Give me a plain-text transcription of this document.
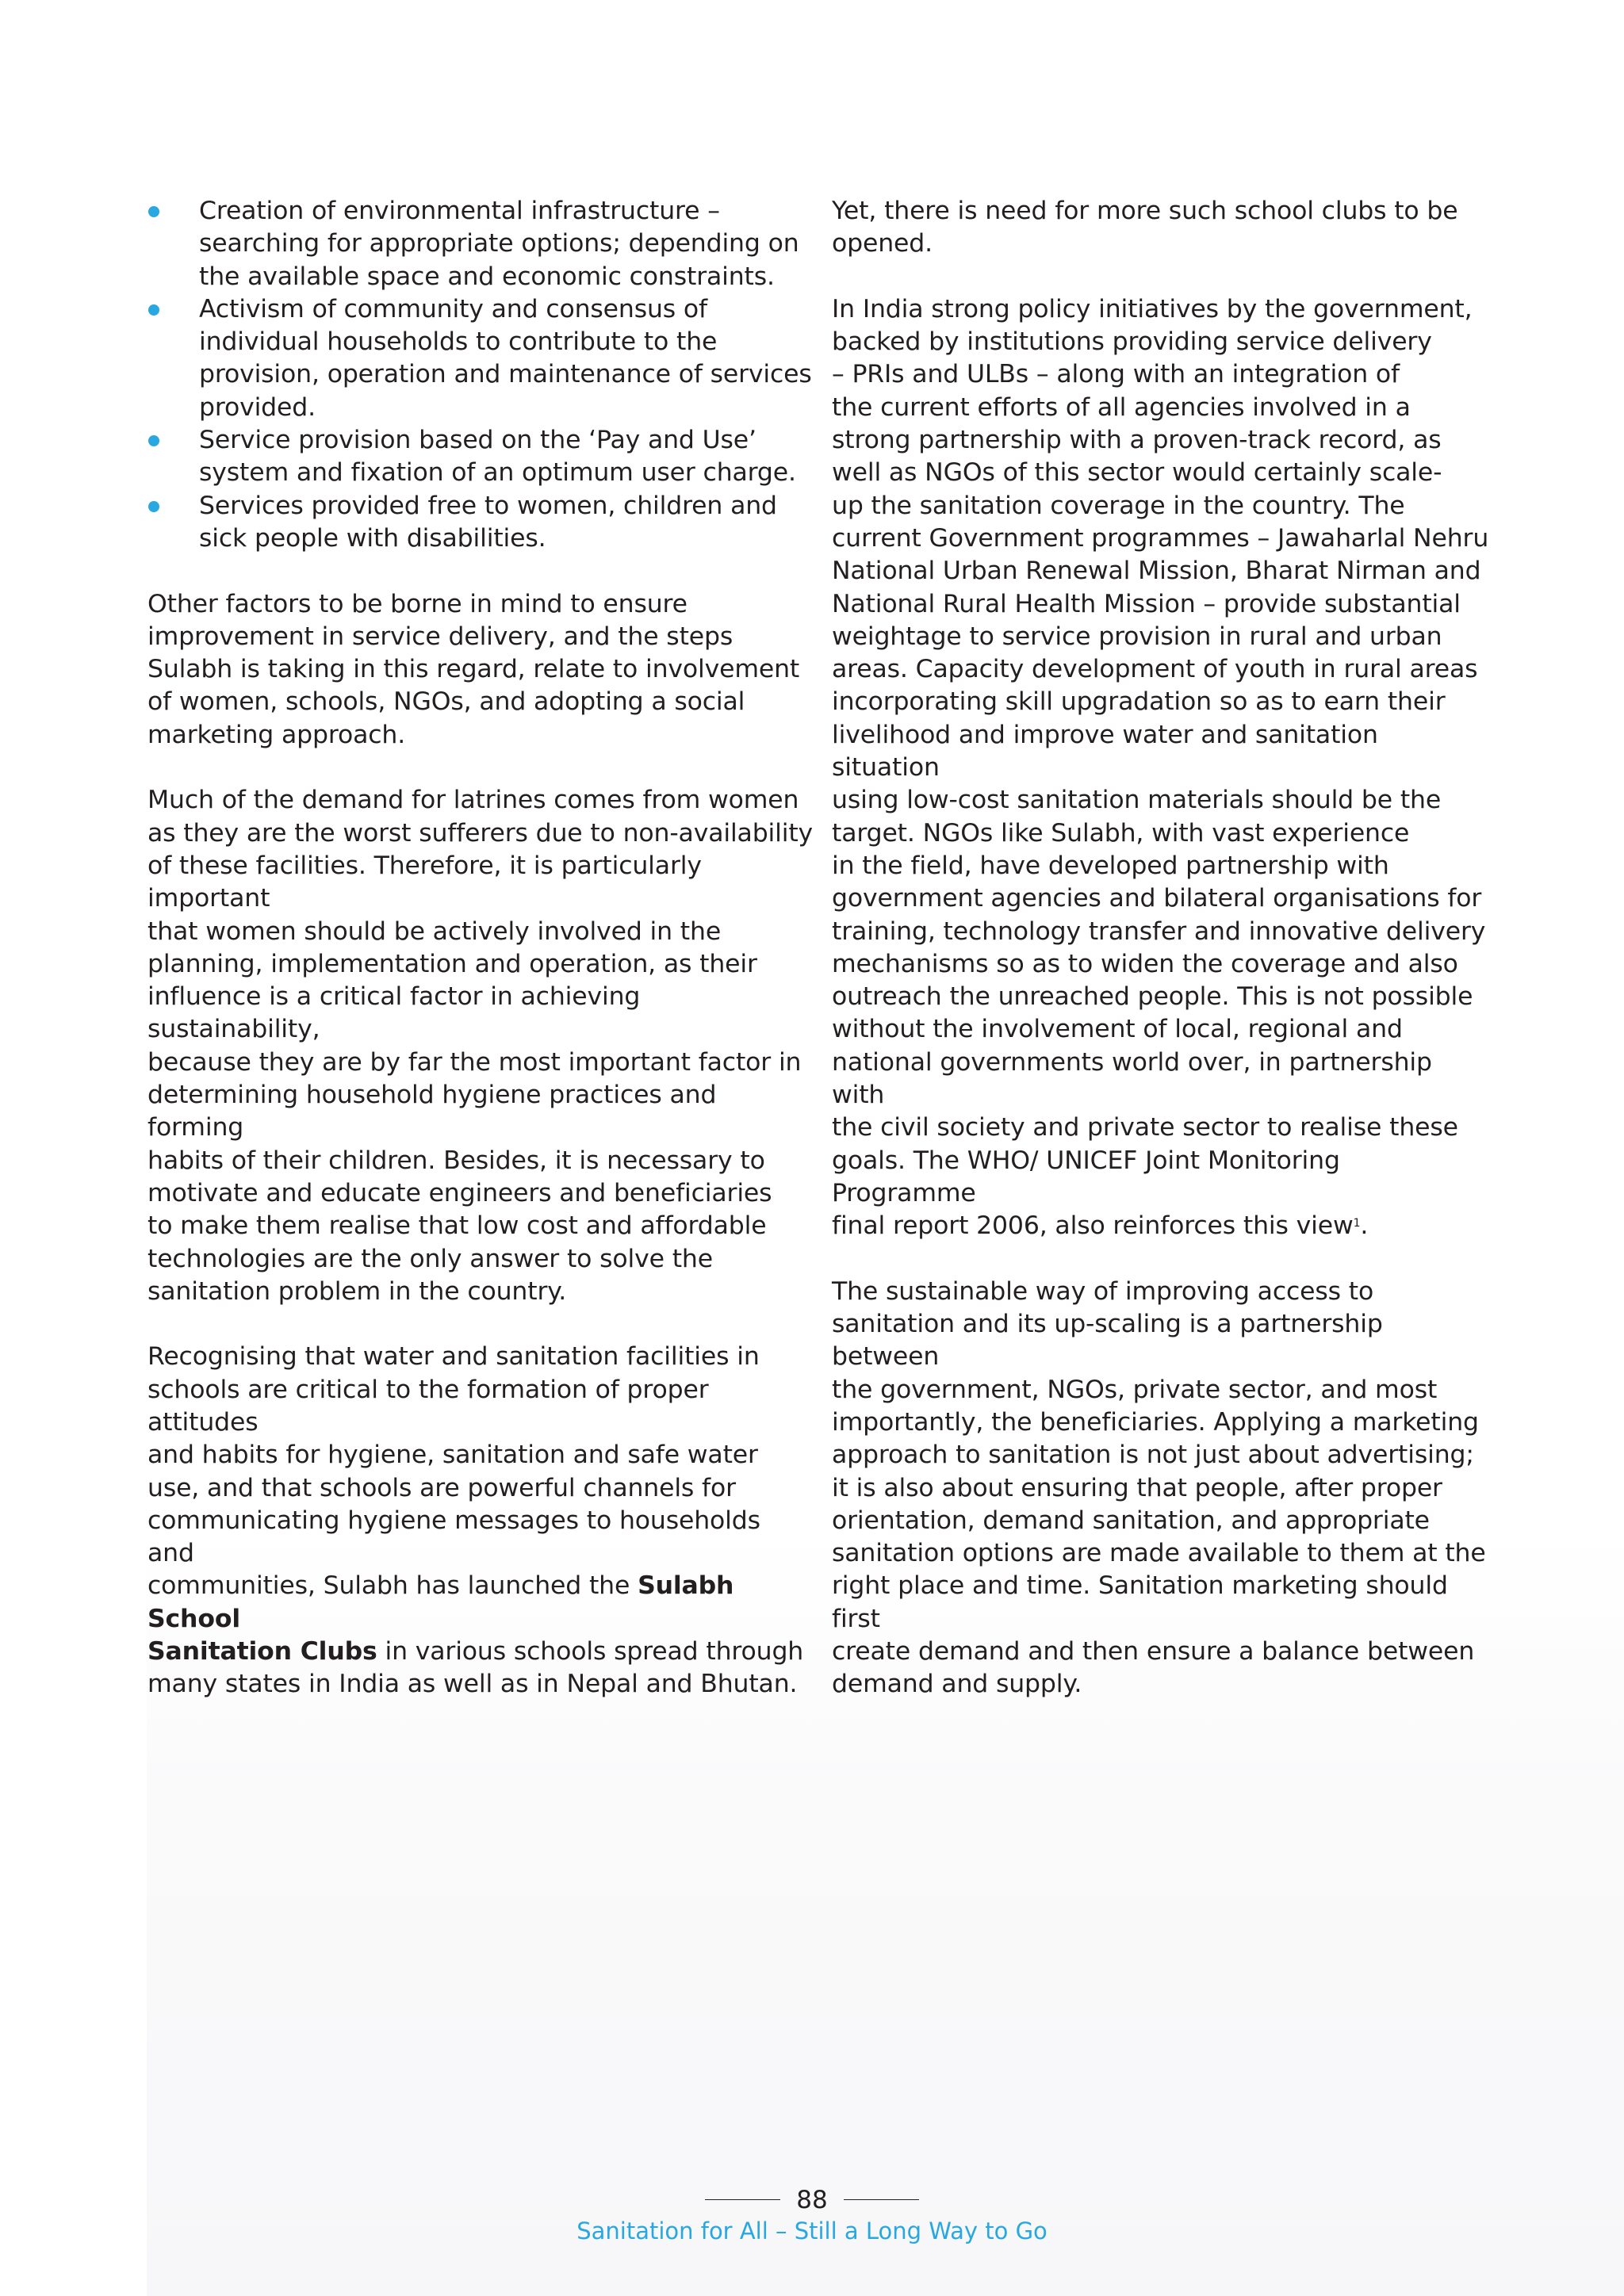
Creation of environmental infrastructure –
searching for appropriate options; depending on
the available space and economic constraints.
Activism of community and consensus of
individual households to contribute to the
provision, operation and maintenance of services
provided.
Service provision based on the ‘Pay and Use’
system and fixation of an optimum user charge.
Services provided free to women, children and
sick people with disabilities.

Other factors to be borne in mind to ensure
improvement in service delivery, and the steps
Sulabh is taking in this regard, relate to involvement
of women, schools, NGOs, and adopting a social
marketing approach.

Much of the demand for latrines comes from women
as they are the worst sufferers due to non-availability
of these facilities. Therefore, it is particularly important
that women should be actively involved in the
planning, implementation and operation, as their
influence is a critical factor in achieving sustainability,
because they are by far the most important factor in
determining household hygiene practices and forming
habits of their children. Besides, it is necessary to
motivate and educate engineers and beneficiaries
to make them realise that low cost and affordable
technologies are the only answer to solve the
sanitation problem in the country.

Recognising that water and sanitation facilities in
schools are critical to the formation of proper attitudes
and habits for hygiene, sanitation and safe water
use, and that schools are powerful channels for
communicating hygiene messages to households and
communities, Sulabh has launched the Sulabh School
Sanitation Clubs in various schools spread through
many states in India as well as in Nepal and Bhutan.

Yet, there is need for more such school clubs to be
opened.

In India strong policy initiatives by the government,
backed by institutions providing service delivery
– PRIs and ULBs – along with an integration of
the current efforts of all agencies involved in a
strong partnership with a proven-track record, as
well as NGOs of this sector would certainly scale-
up the sanitation coverage in the country. The
current Government programmes – Jawaharlal Nehru
National Urban Renewal Mission, Bharat Nirman and
National Rural Health Mission – provide substantial
weightage to service provision in rural and urban
areas. Capacity development of youth in rural areas
incorporating skill upgradation so as to earn their
livelihood and improve water and sanitation situation
using low-cost sanitation materials should be the
target. NGOs like Sulabh, with vast experience
in the field, have developed partnership with
government agencies and bilateral organisations for
training, technology transfer and innovative delivery
mechanisms so as to widen the coverage and also
outreach the unreached people. This is not possible
without the involvement of local, regional and
national governments world over, in partnership with
the civil society and private sector to realise these
goals. The WHO/ UNICEF Joint Monitoring Programme
final report 2006, also reinforces this view$^1$.

The sustainable way of improving access to
sanitation and its up-scaling is a partnership between
the government, NGOs, private sector, and most
importantly, the beneficiaries. Applying a marketing
approach to sanitation is not just about advertising;
it is also about ensuring that people, after proper
orientation, demand sanitation, and appropriate
sanitation options are made available to them at the
right place and time. Sanitation marketing should first
create demand and then ensure a balance between
demand and supply.

88
Sanitation for All – Still a Long Way to Go
